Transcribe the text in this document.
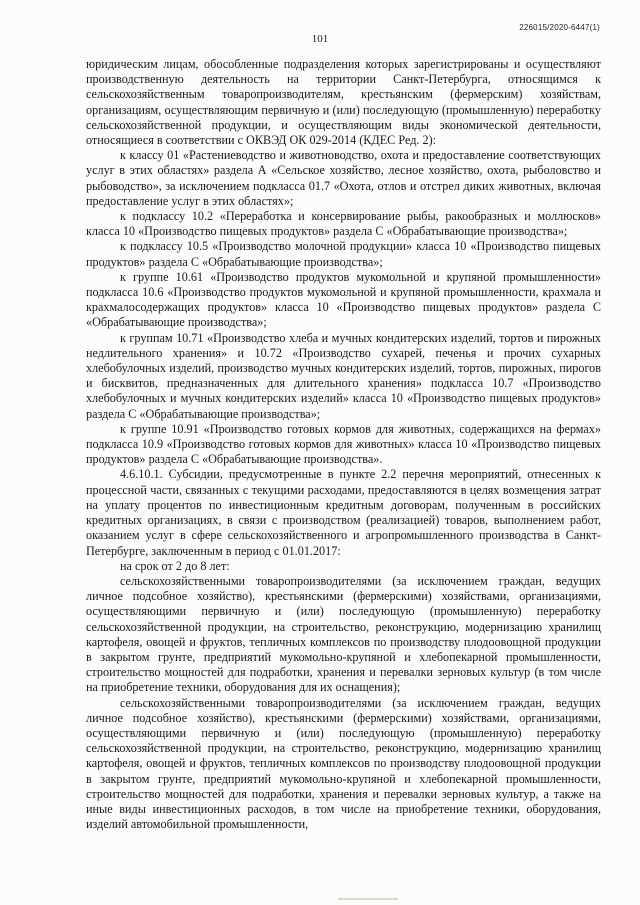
226015/2020-6447(1)
101

юридическим лицам, обособленные подразделения которых зарегистрированы и осуществляют производственную деятельность на территории Санкт-Петербурга, относящимся к сельскохозяйственным товаропроизводителям, крестьянским (фермерским) хозяйствам, организациям, осуществляющим первичную и (или) последующую (промышленную) переработку сельскохозяйственной продукции, и осуществляющим виды экономической деятельности, относящиеся в соответствии с ОКВЭД ОК 029-2014 (КДЕС Ред. 2):

к классу 01 «Растениеводство и животноводство, охота и предоставление соответствующих услуг в этих областях» раздела А «Сельское хозяйство, лесное хозяйство, охота, рыболовство и рыбоводство», за исключением подкласса 01.7 «Охота, отлов и отстрел диких животных, включая предоставление услуг в этих областях»;

к подклассу 10.2 «Переработка и консервирование рыбы, ракообразных и моллюсков» класса 10 «Производство пищевых продуктов» раздела С «Обрабатывающие производства»;

к подклассу 10.5 «Производство молочной продукции» класса 10 «Производство пищевых продуктов» раздела С «Обрабатывающие производства»;

к группе 10.61 «Производство продуктов мукомольной и крупяной промышленности» подкласса 10.6 «Производство продуктов мукомольной и крупяной промышленности, крахмала и крахмалосодержащих продуктов» класса 10 «Производство пищевых продуктов» раздела С «Обрабатывающие производства»;

к группам 10.71 «Производство хлеба и мучных кондитерских изделий, тортов и пирожных недлительного хранения» и 10.72 «Производство сухарей, печенья и прочих сухарных хлебобулочных изделий, производство мучных кондитерских изделий, тортов, пирожных, пирогов и бисквитов, предназначенных для длительного хранения» подкласса 10.7 «Производство хлебобулочных и мучных кондитерских изделий» класса 10 «Производство пищевых продуктов» раздела С «Обрабатывающие производства»;

к группе 10.91 «Производство готовых кормов для животных, содержащихся на фермах» подкласса 10.9 «Производство готовых кормов для животных» класса 10 «Производство пищевых продуктов» раздела С «Обрабатывающие производства».

4.6.10.1. Субсидии, предусмотренные в пункте 2.2 перечня мероприятий, отнесенных к процессной части, связанных с текущими расходами, предоставляются в целях возмещения затрат на уплату процентов по инвестиционным кредитным договорам, полученным в российских кредитных организациях, в связи с производством (реализацией) товаров, выполнением работ, оказанием услуг в сфере сельскохозяйственного и агропромышленного производства в Санкт-Петербурге, заключенным в период с 01.01.2017:

на срок от 2 до 8 лет:

сельскохозяйственными товаропроизводителями (за исключением граждан, ведущих личное подсобное хозяйство), крестьянскими (фермерскими) хозяйствами, организациями, осуществляющими первичную и (или) последующую (промышленную) переработку сельскохозяйственной продукции, на строительство, реконструкцию, модернизацию хранилищ картофеля, овощей и фруктов, тепличных комплексов по производству плодоовощной продукции в закрытом грунте, предприятий мукомольно-крупяной и хлебопекарной промышленности, строительство мощностей для подработки, хранения и перевалки зерновых культур (в том числе на приобретение техники, оборудования для их оснащения);

сельскохозяйственными товаропроизводителями (за исключением граждан, ведущих личное подсобное хозяйство), крестьянскими (фермерскими) хозяйствами, организациями, осуществляющими первичную и (или) последующую (промышленную) переработку сельскохозяйственной продукции, на строительство, реконструкцию, модернизацию хранилищ картофеля, овощей и фруктов, тепличных комплексов по производству плодоовощной продукции в закрытом грунте, предприятий мукомольно-крупяной и хлебопекарной промышленности, строительство мощностей для подработки, хранения и перевалки зерновых культур, а также на иные виды инвестиционных расходов, в том числе на приобретение техники, оборудования, изделий автомобильной промышленности,
